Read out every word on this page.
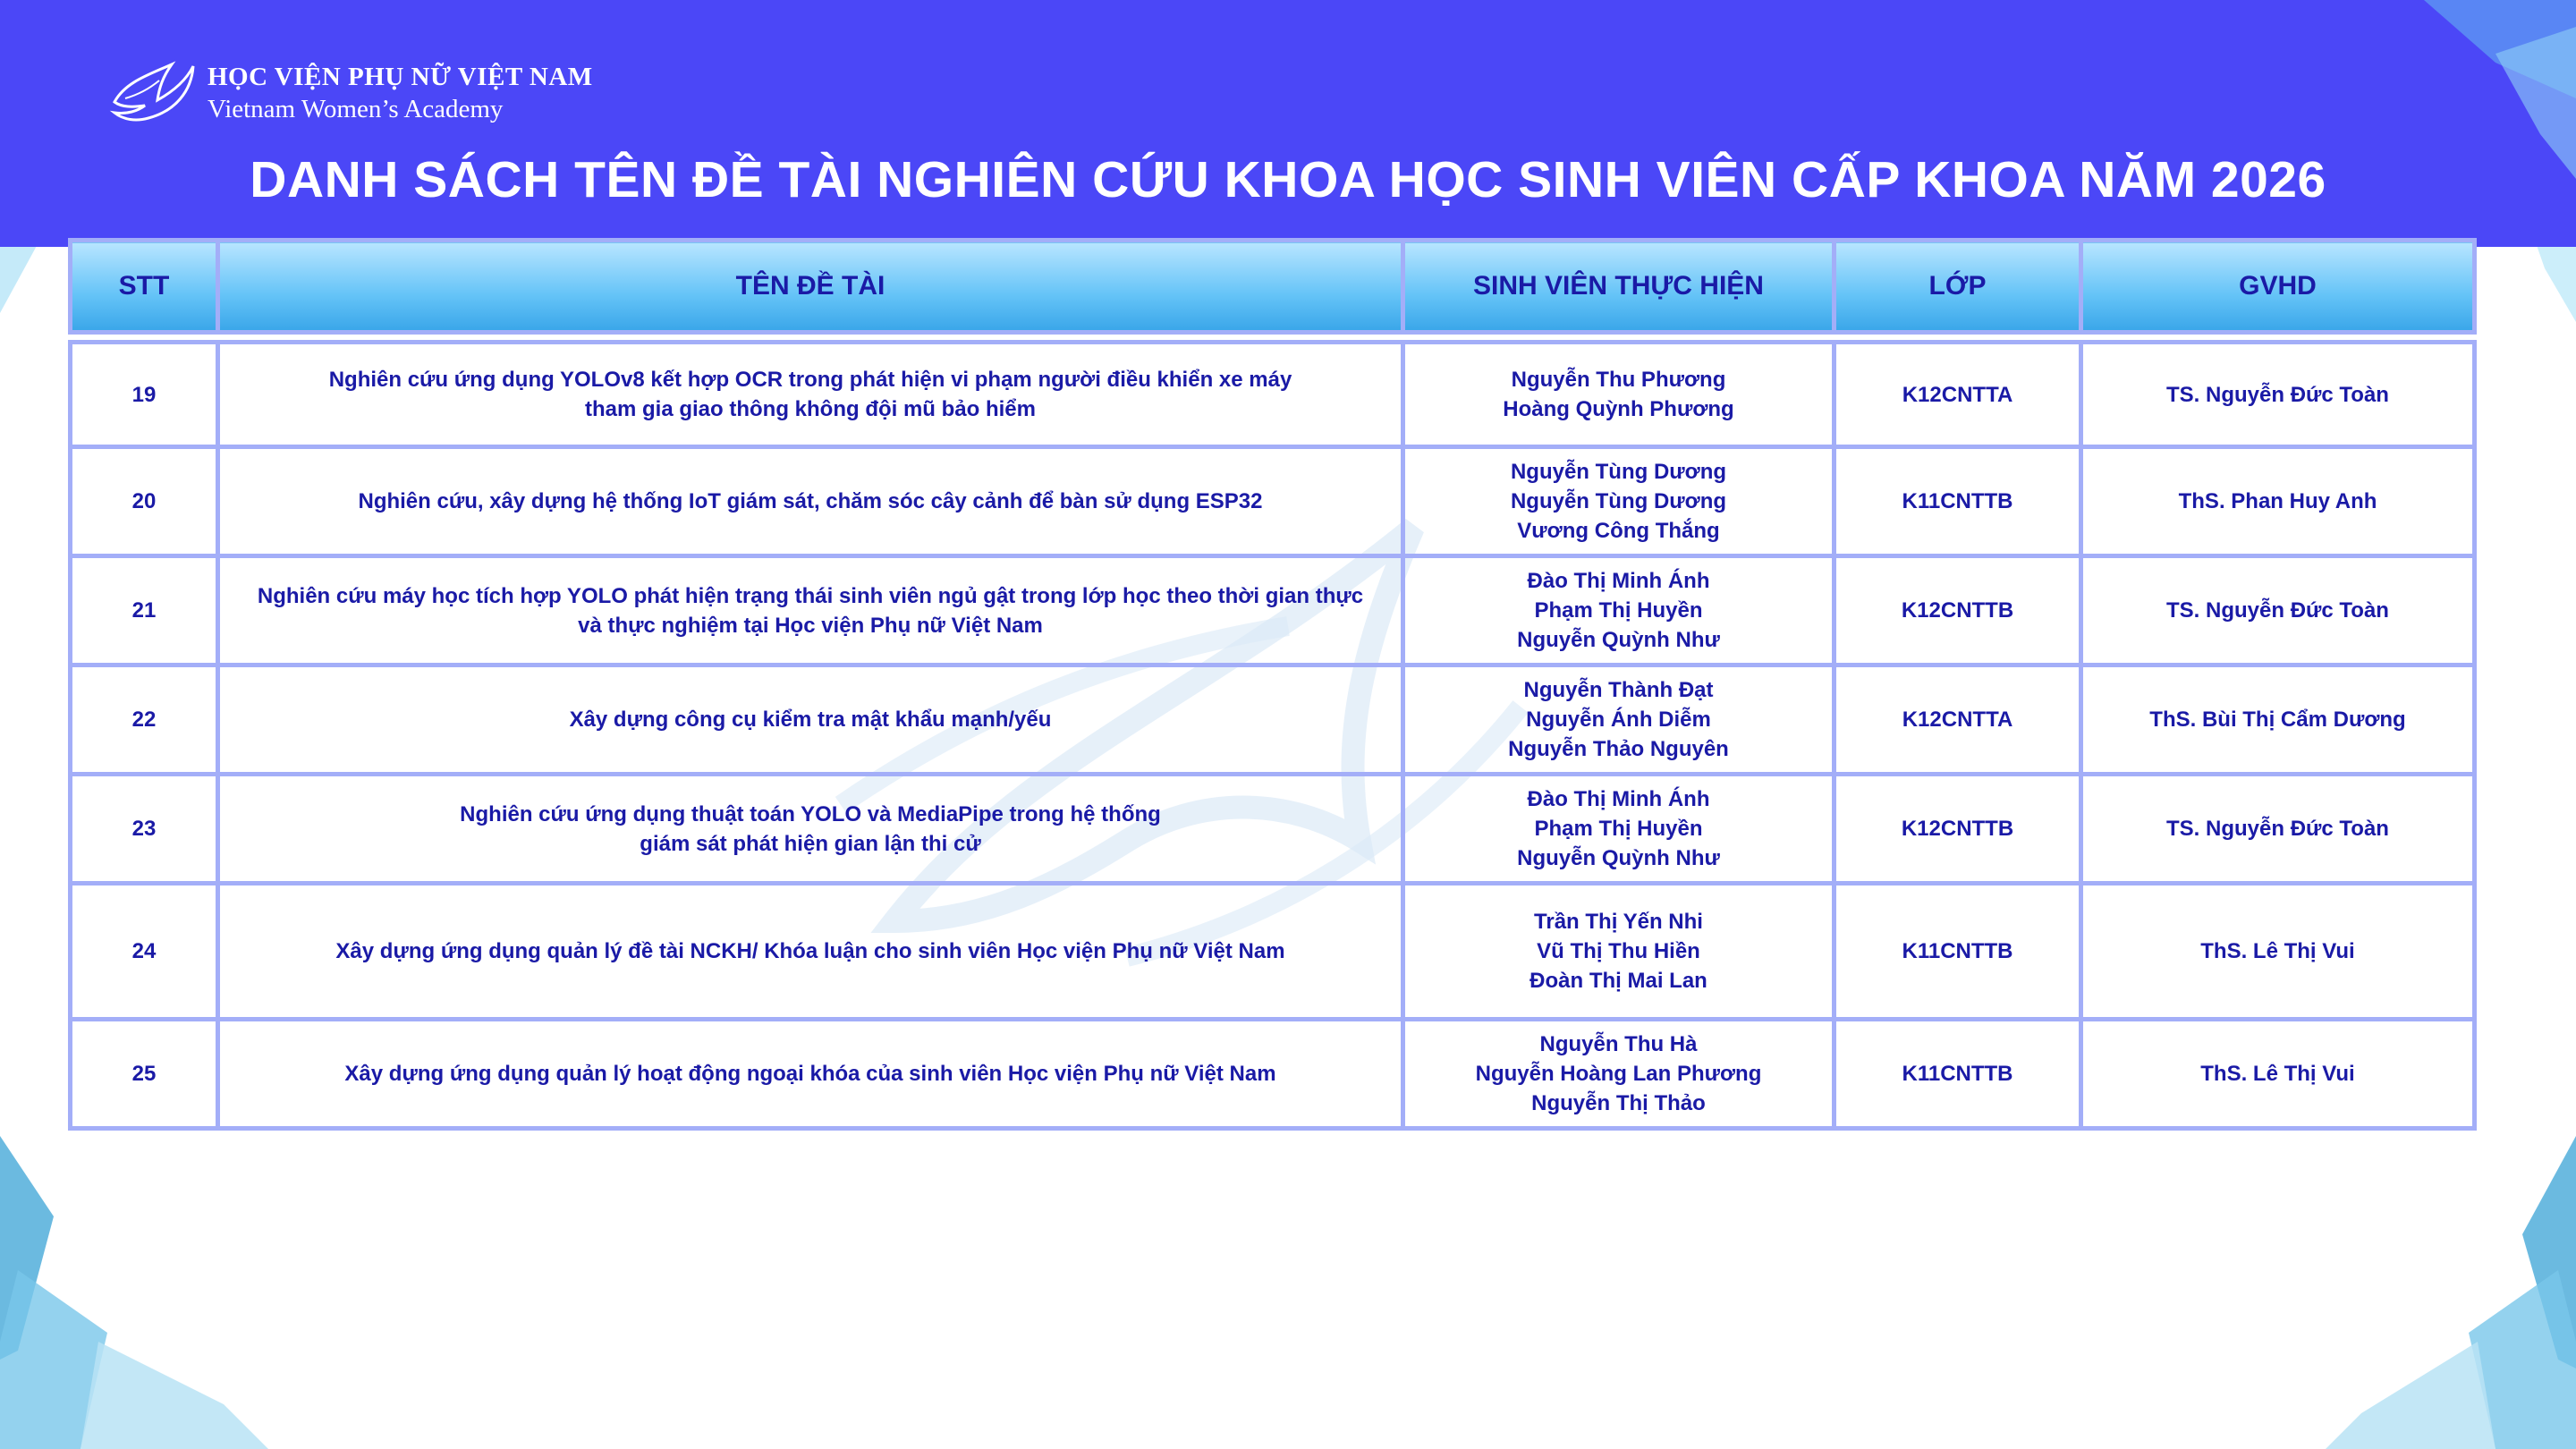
HỌC VIỆN PHỤ NỮ VIỆT NAM
Vietnam Women’s Academy
DANH SÁCH TÊN ĐỀ TÀI NGHIÊN CỨU KHOA HỌC SINH VIÊN CẤP KHOA NĂM 2026
STT	TÊN ĐỀ TÀI	SINH VIÊN THỰC HIỆN	LỚP	GVHD

19	Nghiên cứu ứng dụng YOLOv8 kết hợp OCR trong phát hiện vi phạm người điều khiển xe máy
tham gia giao thông không đội mũ bảo hiểm	Nguyễn Thu Phương
Hoàng Quỳnh Phương	K12CNTTA	TS. Nguyễn Đức Toàn
20	Nghiên cứu, xây dựng hệ thống IoT giám sát, chăm sóc cây cảnh để bàn sử dụng ESP32	Nguyễn Tùng Dương
Nguyễn Tùng Dương
Vương Công Thắng	K11CNTTB	ThS. Phan Huy Anh
21	Nghiên cứu máy học tích hợp YOLO phát hiện trạng thái sinh viên ngủ gật trong lớp học theo thời gian thực
và thực nghiệm tại Học viện Phụ nữ Việt Nam	Đào Thị Minh Ánh
Phạm Thị Huyền
Nguyễn Quỳnh Như	K12CNTTB	TS. Nguyễn Đức Toàn
22	Xây dựng công cụ kiểm tra mật khẩu mạnh/yếu	Nguyễn Thành Đạt
Nguyễn Ánh Diễm
Nguyễn Thảo Nguyên	K12CNTTA	ThS. Bùi Thị Cẩm Dương
23	Nghiên cứu ứng dụng thuật toán YOLO và MediaPipe trong hệ thống
giám sát phát hiện gian lận thi cử	Đào Thị Minh Ánh
Phạm Thị Huyền
Nguyễn Quỳnh Như	K12CNTTB	TS. Nguyễn Đức Toàn
24	Xây dựng ứng dụng quản lý đề tài NCKH/ Khóa luận cho sinh viên Học viện Phụ nữ Việt Nam	Trần Thị Yến Nhi
Vũ Thị Thu Hiền
Đoàn Thị Mai Lan	K11CNTTB	ThS. Lê Thị Vui
25	Xây dựng ứng dụng quản lý hoạt động ngoại khóa của sinh viên Học viện Phụ nữ Việt Nam	Nguyễn Thu Hà
Nguyễn Hoàng Lan Phương
Nguyễn Thị Thảo	K11CNTTB	ThS. Lê Thị Vui
